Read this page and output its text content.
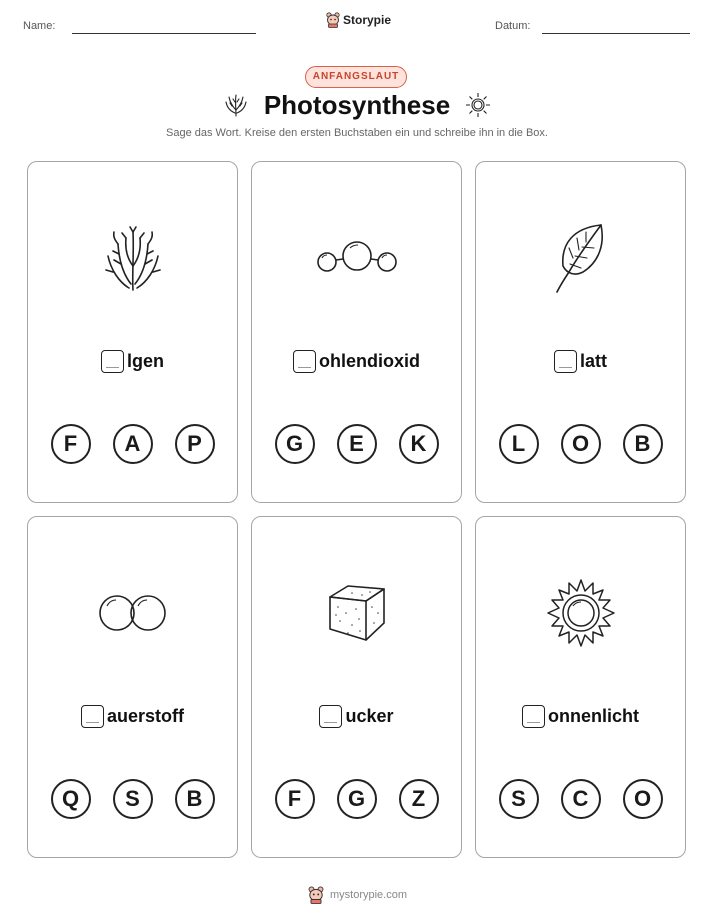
Name:	Storypie	Datum:
ANFANGSLAUT
Photosynthese
Sage das Wort. Kreise den ersten Buchstaben ein und schreibe ihn in die Box.
lgen
F	A	P
ohlendioxid
G	E	K
latt
L	O	B
auerstoff
Q	S	B
ucker
F	G	Z
onnenlicht
S	C	O
mystorypie.com
